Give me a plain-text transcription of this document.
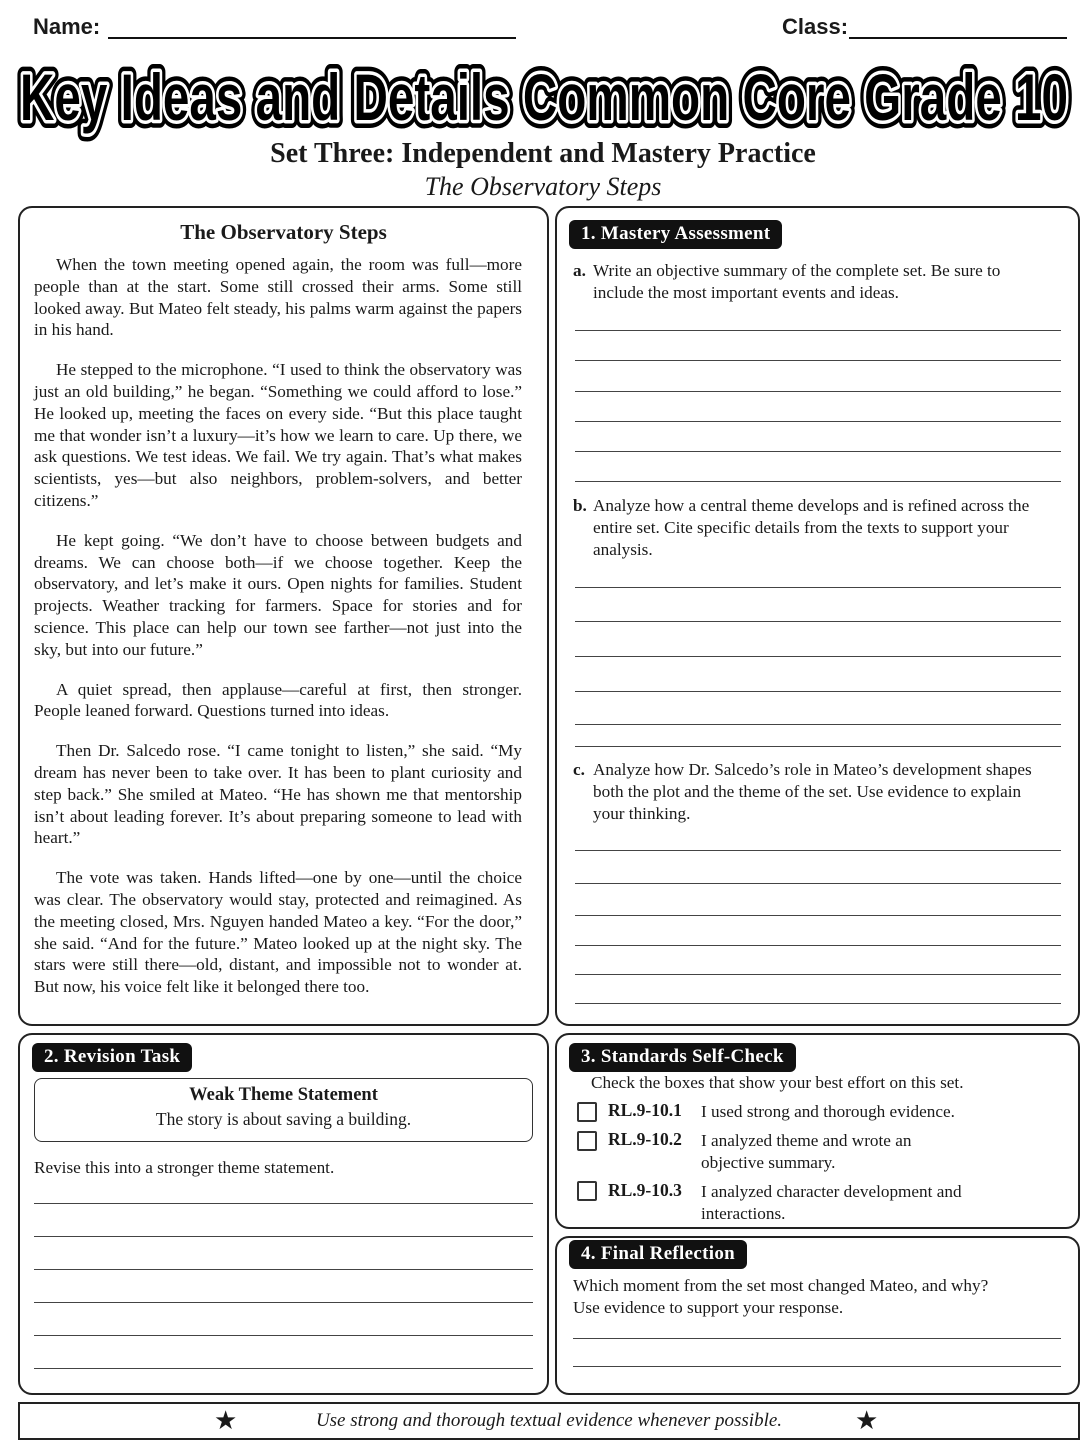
Name:	Class:
Key Ideas and Details Common Core Grade 10
Key Ideas and Details Common Core Grade 10
Key Ideas and Details Common Core Grade 10
Set Three: Independent and Mastery Practice
The Observatory Steps
The Observatory Steps

When the town meeting opened again, the room was full—more people than at the start. Some still crossed their arms. Some still looked away. But Mateo felt steady, his palms warm against the papers in his hand.

He stepped to the microphone. “I used to think the observatory was just an old building,” he began. “Something we could afford to lose.” He looked up, meeting the faces on every side. “But this place taught me that wonder isn’t a luxury—it’s how we learn to care. Up there, we ask questions. We test ideas. We fail. We try again. That’s what makes scientists, yes—but also neighbors, problem-solvers, and better citizens.”

He kept going. “We don’t have to choose between budgets and dreams. We can choose both—if we choose together. Keep the observatory, and let’s make it ours. Open nights for families. Student projects. Weather tracking for farmers. Space for stories and for science. This place can help our town see farther—not just into the sky, but into our future.”

A quiet spread, then applause—careful at first, then stronger. People leaned forward. Questions turned into ideas.

Then Dr. Salcedo rose. “I came tonight to listen,” she said. “My dream has never been to take over. It has been to plant curiosity and step back.” She smiled at Mateo. “He has shown me that mentorship isn’t about leading forever. It’s about preparing someone to lead with heart.”

The vote was taken. Hands lifted—one by one—until the choice was clear. The observatory would stay, protected and reimagined. As the meeting closed, Mrs. Nguyen handed Mateo a key. “For the door,” she said. “And for the future.” Mateo looked up at the night sky. The stars were still there—old, distant, and impossible not to wonder at. But now, his voice felt like it belonged there too.

1. Mastery Assessment
a. Write an objective summary of the complete set. Be sure to include the most important events and ideas.
b. Analyze how a central theme develops and is refined across the entire set. Cite specific details from the texts to support your analysis.
c. Analyze how Dr. Salcedo’s role in Mateo’s development shapes both the plot and the theme of the set. Use evidence to explain your thinking.
2. Revision Task
Weak Theme Statement
The story is about saving a building.
Revise this into a stronger theme statement.
3. Standards Self-Check
Check the boxes that show your best effort on this set.
RL.9-10.1 I used strong and thorough evidence.
RL.9-10.2 I analyzed theme and wrote an objective summary.
RL.9-10.3 I analyzed character development and interactions.
4. Final Reflection
Which moment from the set most changed Mateo, and why? Use evidence to support your response.
★	Use strong and thorough textual evidence whenever possible.	★
